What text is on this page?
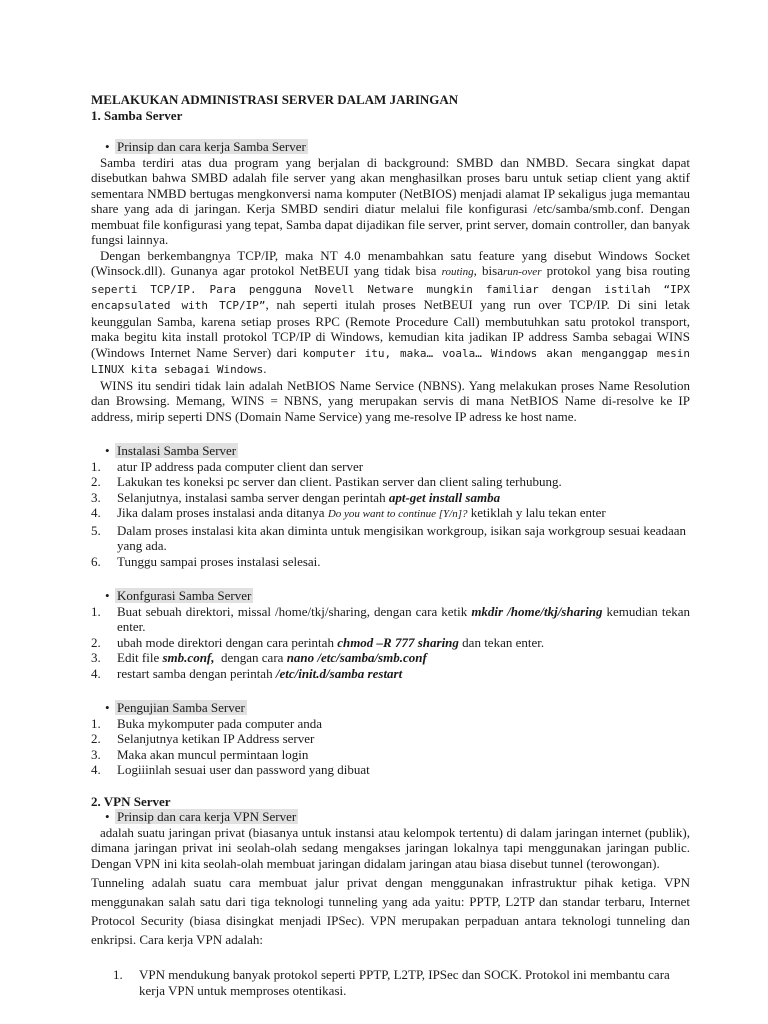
MELAKUKAN ADMINISTRASI SERVER DALAM JARINGAN
1. Samba Server
• Prinsip dan cara kerja Samba Server

Samba terdiri atas dua program yang berjalan di background: SMBD dan NMBD. Secara singkat dapat disebutkan bahwa SMBD adalah file server yang akan menghasilkan proses baru untuk setiap client yang aktif sementara NMBD bertugas mengkonversi nama komputer (NetBIOS) menjadi alamat IP sekaligus juga memantau share yang ada di jaringan. Kerja SMBD sendiri diatur melalui file konfigurasi /etc/samba/smb.conf. Dengan membuat file konfigurasi yang tepat, Samba dapat dijadikan file server, print server, domain controller, dan banyak fungsi lainnya.

Dengan berkembangnya TCP/IP, maka NT 4.0 menambahkan satu feature yang disebut Windows Socket (Winsock.dll). Gunanya agar protokol NetBEUI yang tidak bisa routing, bisarun-over protokol yang bisa routing seperti TCP/IP. Para pengguna Novell Netware mungkin familiar dengan istilah “IPX encapsulated with TCP/IP”, nah seperti itulah proses NetBEUI yang run over TCP/IP. Di sini letak keunggulan Samba, karena setiap proses RPC (Remote Procedure Call) membutuhkan satu protokol transport, maka begitu kita install protokol TCP/IP di Windows, kemudian kita jadikan IP address Samba sebagai WINS (Windows Internet Name Server) dari komputer itu, maka… voala… Windows akan menganggap mesin LINUX kita sebagai Windows.

WINS itu sendiri tidak lain adalah NetBIOS Name Service (NBNS). Yang melakukan proses Name Resolution dan Browsing. Memang, WINS = NBNS, yang merupakan servis di mana NetBIOS Name di-resolve ke IP address, mirip seperti DNS (Domain Name Service) yang me-resolve IP adress ke host name.

• Instalasi Samba Server
1. atur IP address pada computer client dan server
2. Lakukan tes koneksi pc server dan client. Pastikan server dan client saling terhubung.
3. Selanjutnya, instalasi samba server dengan perintah apt-get install samba
4. Jika dalam proses instalasi anda ditanya Do you want to continue [Y/n]? ketiklah y lalu tekan enter
5. Dalam proses instalasi kita akan diminta untuk mengisikan workgroup, isikan saja workgroup sesuai keadaan yang ada.
6. Tunggu sampai proses instalasi selesai.
• Konfgurasi Samba Server
1. Buat sebuah direktori, missal /home/tkj/sharing, dengan cara ketik mkdir /home/tkj/sharing kemudian tekan enter.
2. ubah mode direktori dengan cara perintah chmod –R 777 sharing dan tekan enter.
3. Edit file smb.conf,  dengan cara nano /etc/samba/smb.conf
4. restart samba dengan perintah /etc/init.d/samba restart
• Pengujian Samba Server
1. Buka mykomputer pada computer anda
2. Selanjutnya ketikan IP Address server
3. Maka akan muncul permintaan login
4. Logiiinlah sesuai user dan password yang dibuat
2. VPN Server
• Prinsip dan cara kerja VPN Server

adalah suatu jaringan privat (biasanya untuk instansi atau kelompok tertentu) di dalam jaringan internet (publik), dimana jaringan privat ini seolah-olah sedang mengakses jaringan lokalnya tapi menggunakan jaringan public. Dengan VPN ini kita seolah-olah membuat jaringan didalam jaringan atau biasa disebut tunnel (terowongan).

Tunneling adalah suatu cara membuat jalur privat dengan menggunakan infrastruktur pihak ketiga. VPN menggunakan salah satu dari tiga teknologi tunneling yang ada yaitu: PPTP, L2TP dan standar terbaru, Internet Protocol Security (biasa disingkat menjadi IPSec). VPN merupakan perpaduan antara teknologi tunneling dan enkripsi. Cara kerja VPN adalah:

1. VPN mendukung banyak protokol seperti PPTP, L2TP, IPSec dan SOCK. Protokol ini membantu cara kerja VPN untuk memproses otentikasi.
